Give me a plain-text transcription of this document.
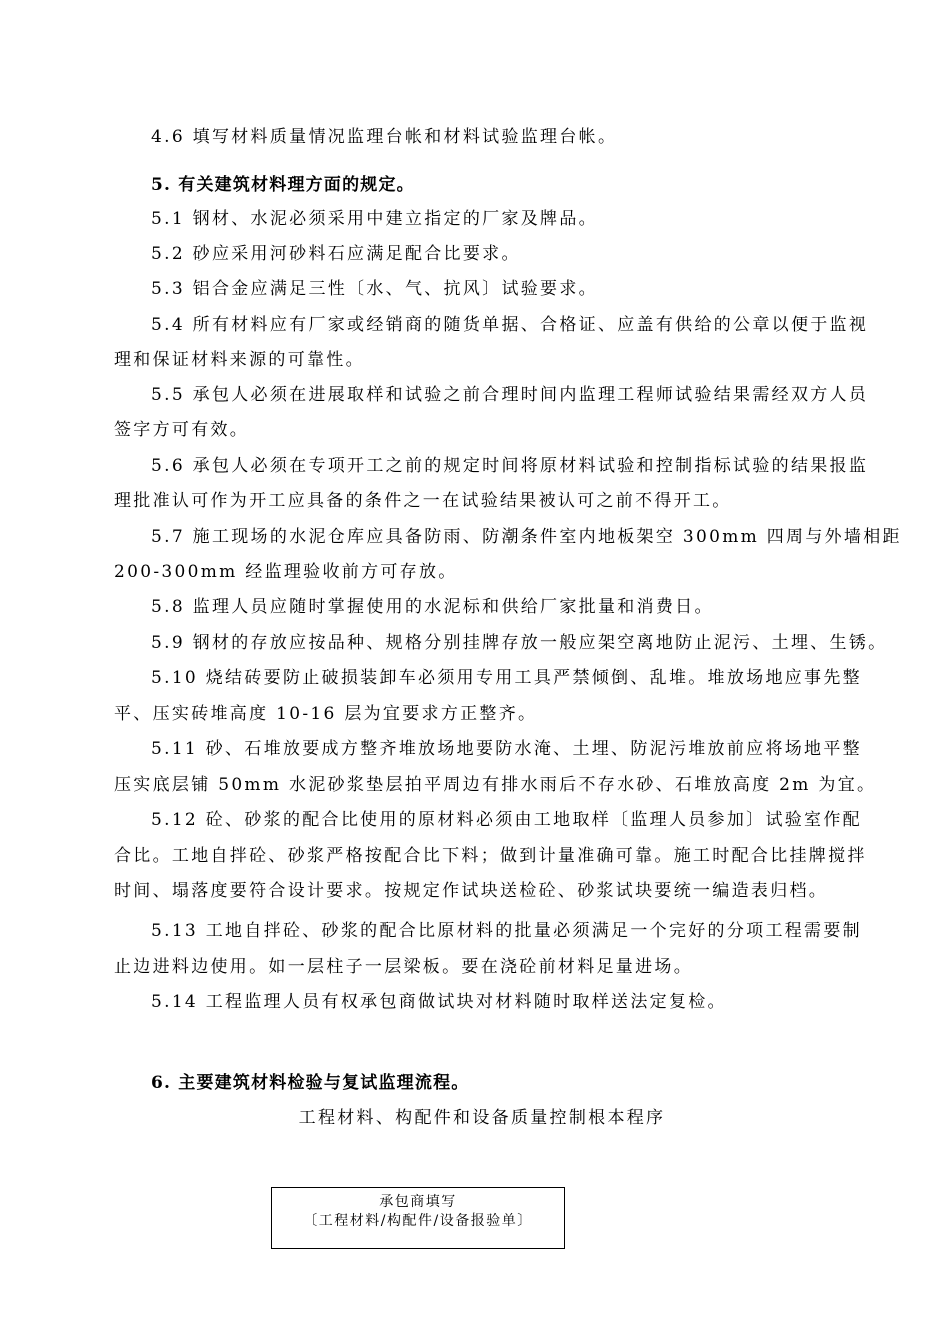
4.6 填写材料质量情况监理台帐和材料试验监理台帐。
5. 有关建筑材料理方面的规定。
5.1 钢材、水泥必须采用中建立指定的厂家及牌品。
5.2 砂应采用河砂料石应满足配合比要求。
5.3 铝合金应满足三性〔水、气、抗风〕试验要求。
5.4 所有材料应有厂家或经销商的随货单据、合格证、应盖有供给的公章以便于监视
理和保证材料来源的可靠性。
5.5 承包人必须在进展取样和试验之前合理时间内监理工程师试验结果需经双方人员
签字方可有效。
5.6 承包人必须在专项开工之前的规定时间将原材料试验和控制指标试验的结果报监
理批准认可作为开工应具备的条件之一在试验结果被认可之前不得开工。
5.7 施工现场的水泥仓库应具备防雨、防潮条件室内地板架空 300mm 四周与外墙相距
200-300mm 经监理验收前方可存放。
5.8 监理人员应随时掌握使用的水泥标和供给厂家批量和消费日。
5.9 钢材的存放应按品种、规格分别挂牌存放一般应架空离地防止泥污、土埋、生锈。
5.10 烧结砖要防止破损装卸车必须用专用工具严禁倾倒、乱堆。堆放场地应事先整
平、压实砖堆高度 10-16 层为宜要求方正整齐。
5.11 砂、石堆放要成方整齐堆放场地要防水淹、土埋、防泥污堆放前应将场地平整
压实底层铺 50mm 水泥砂浆垫层拍平周边有排水雨后不存水砂、石堆放高度 2m 为宜。
5.12 砼、砂浆的配合比使用的原材料必须由工地取样〔监理人员参加〕试验室作配
合比。工地自拌砼、砂浆严格按配合比下料；做到计量准确可靠。施工时配合比挂牌搅拌
时间、塌落度要符合设计要求。按规定作试块送检砼、砂浆试块要统一编造表归档。
5.13 工地自拌砼、砂浆的配合比原材料的批量必须满足一个完好的分项工程需要制
止边进料边使用。如一层柱子一层梁板。要在浇砼前材料足量进场。
5.14 工程监理人员有权承包商做试块对材料随时取样送法定复检。
6. 主要建筑材料检验与复试监理流程。
工程材料、构配件和设备质量控制根本程序
承包商填写
〔工程材料/构配件/设备报验单〕
